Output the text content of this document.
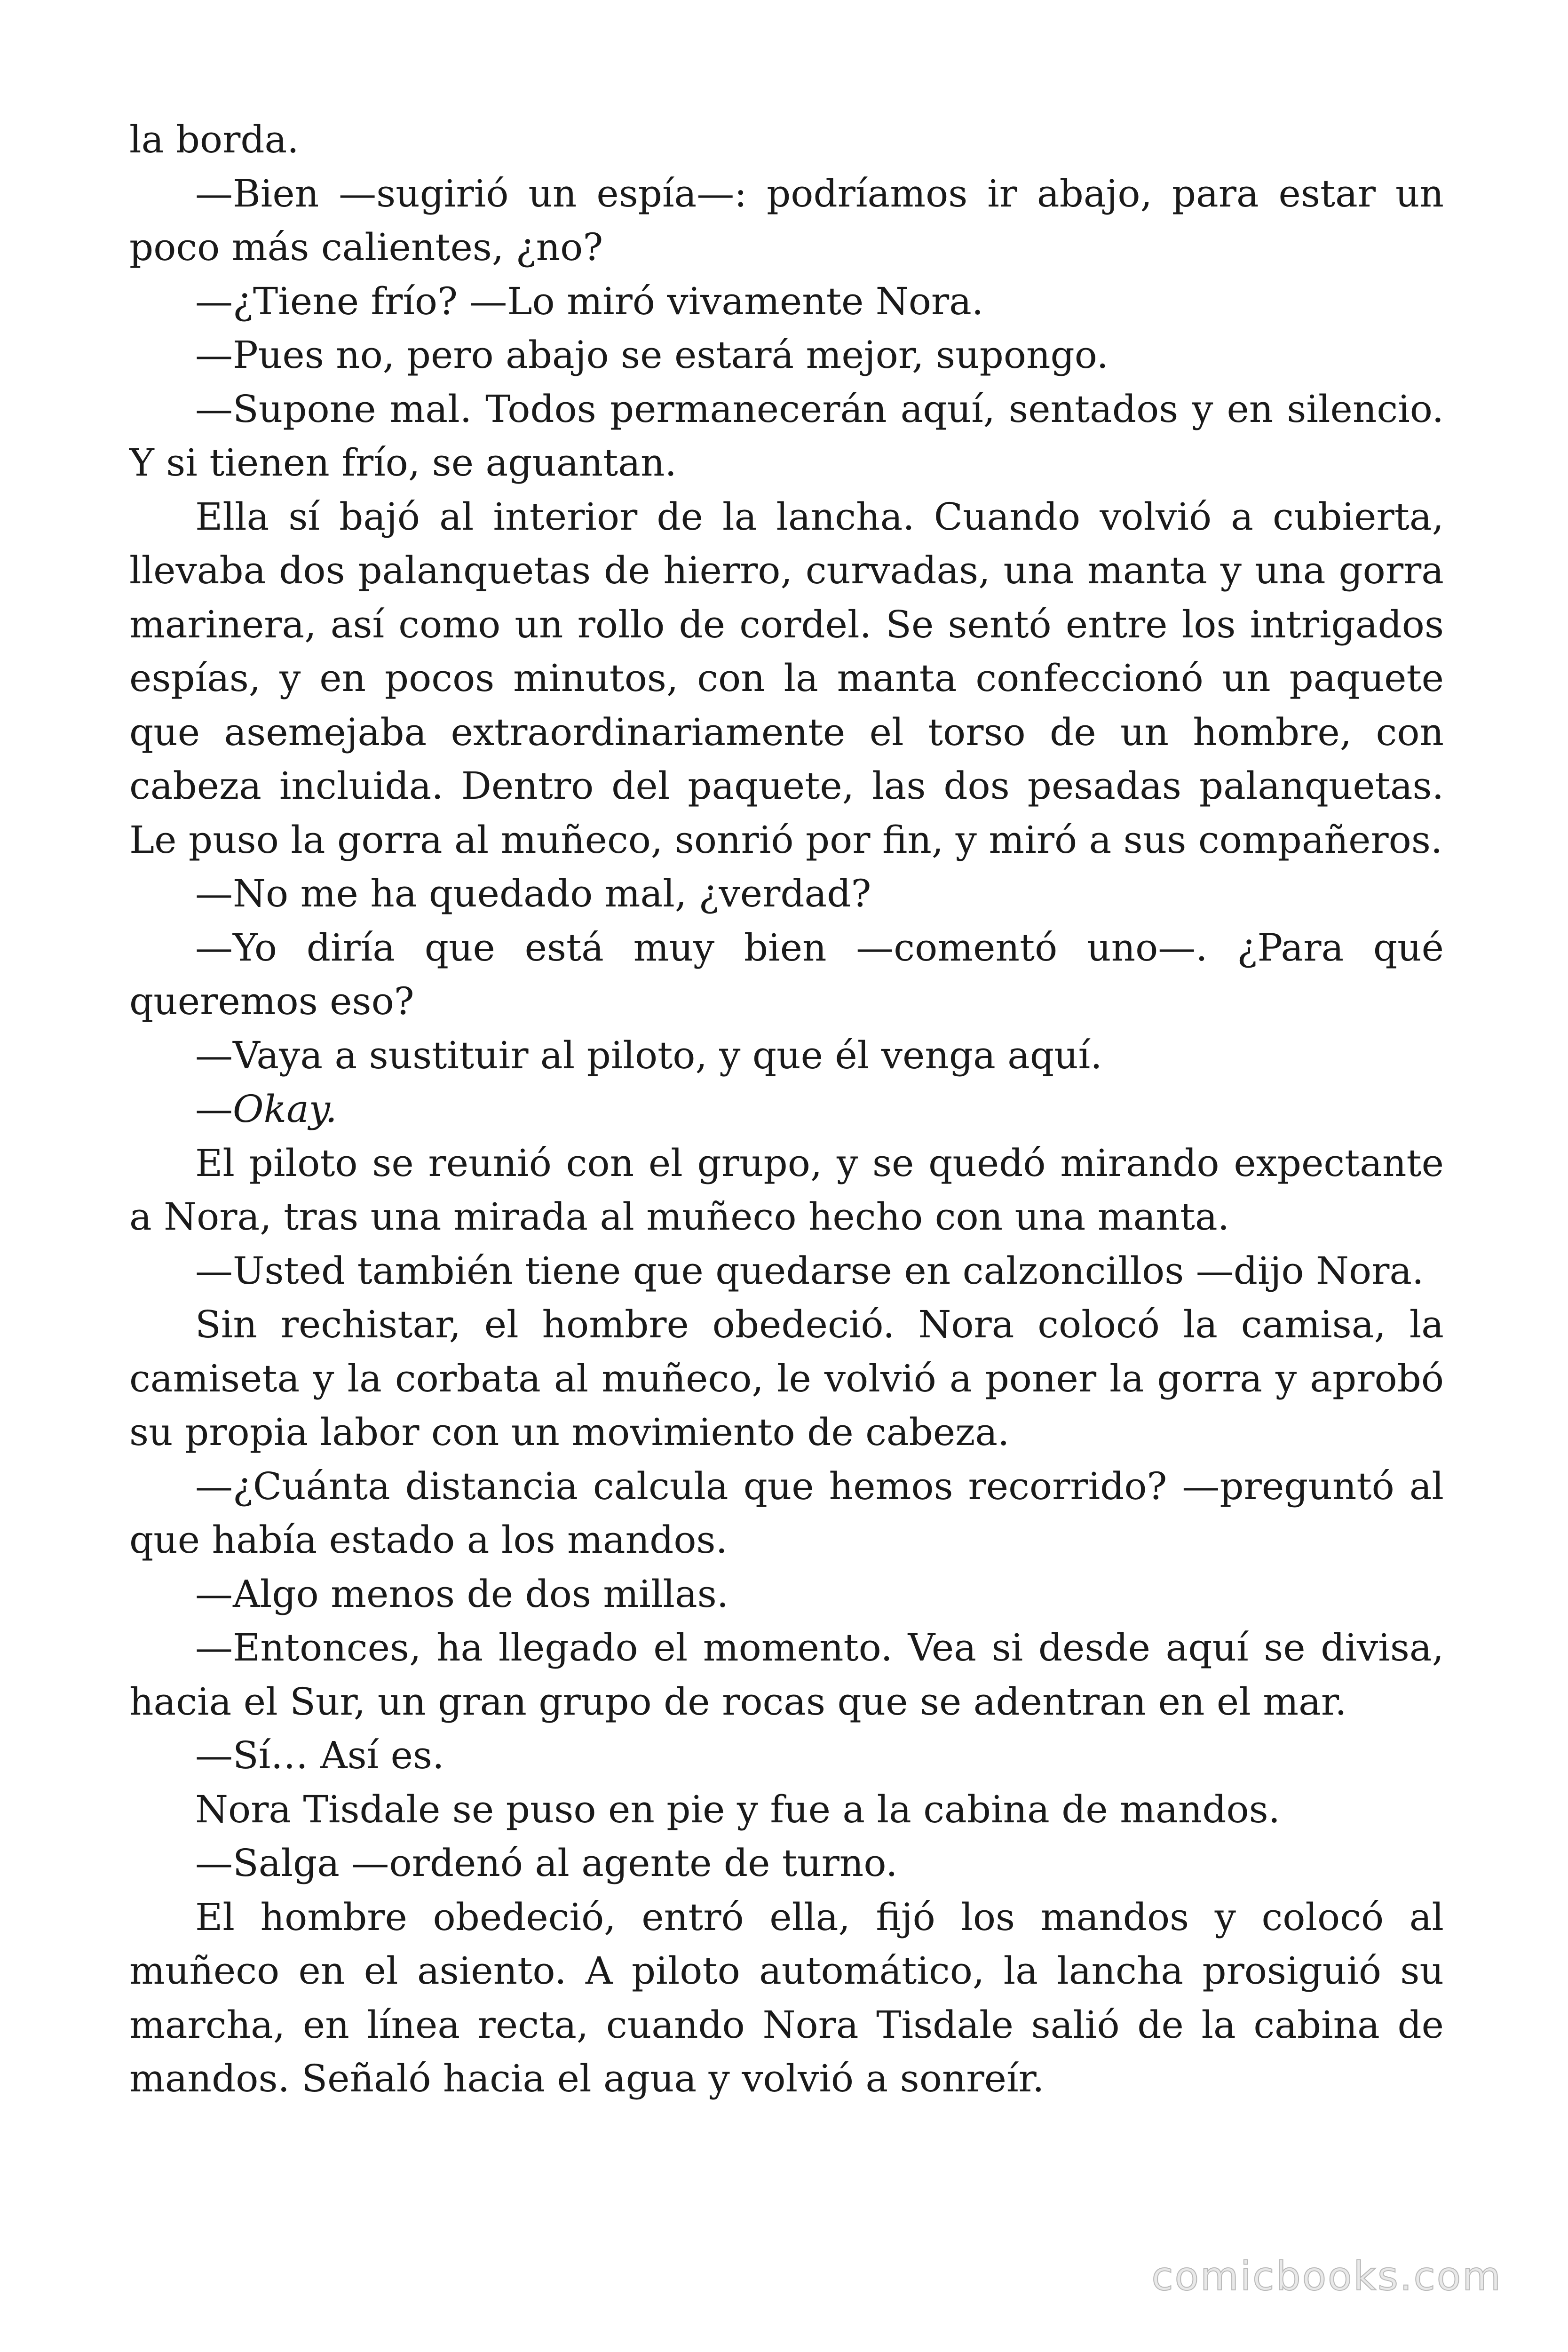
la borda.

—Bien —sugirió un espía—: podríamos ir abajo, para estar un poco más calientes, ¿no?

—¿Tiene frío? —Lo miró vivamente Nora.

—Pues no, pero abajo se estará mejor, supongo.

—Supone mal. Todos permanecerán aquí, sentados y en silencio. Y si tienen frío, se aguantan.

Ella sí bajó al interior de la lancha. Cuando volvió a cubierta, llevaba dos palanquetas de hierro, curvadas, una manta y una gorra marinera, así como un rollo de cordel. Se sentó entre los intrigados espías, y en pocos minutos, con la manta confeccionó un paquete que asemejaba extraordinariamente el torso de un hombre, con cabeza incluida. Dentro del paquete, las dos pesadas palanquetas. Le puso la gorra al muñeco, sonrió por fin, y miró a sus compañeros.

—No me ha quedado mal, ¿verdad?

—Yo diría que está muy bien —comentó uno—. ¿Para qué queremos eso?

—Vaya a sustituir al piloto, y que él venga aquí.

—Okay.

El piloto se reunió con el grupo, y se quedó mirando expectante a Nora, tras una mirada al muñeco hecho con una manta.

—Usted también tiene que quedarse en calzoncillos —dijo Nora.

Sin rechistar, el hombre obedeció. Nora colocó la camisa, la camiseta y la corbata al muñeco, le volvió a poner la gorra y aprobó su propia labor con un movimiento de cabeza.

—¿Cuánta distancia calcula que hemos recorrido? —preguntó al que había estado a los mandos.

—Algo menos de dos millas.

—Entonces, ha llegado el momento. Vea si desde aquí se divisa, hacia el Sur, un gran grupo de rocas que se adentran en el mar.

—Sí… Así es.

Nora Tisdale se puso en pie y fue a la cabina de mandos.

—Salga —ordenó al agente de turno.

El hombre obedeció, entró ella, fijó los mandos y colocó al muñeco en el asiento. A piloto automático, la lancha prosiguió su marcha, en línea recta, cuando Nora Tisdale salió de la cabina de mandos. Señaló hacia el agua y volvió a sonreír.

comicbooks.com
